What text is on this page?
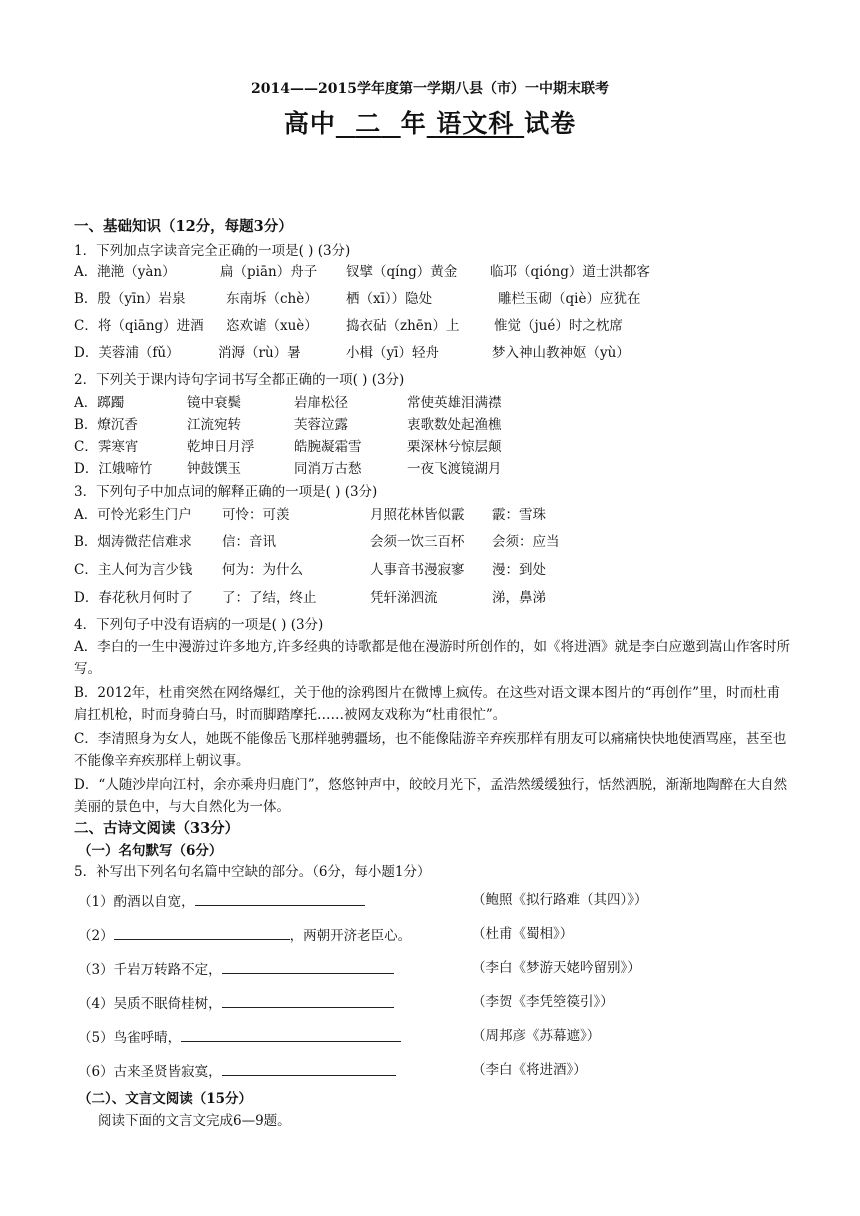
2014——2015学年度第一学期八县（市）一中期末联考
高中 二 年 语文科 试卷
一、基础知识（12分，每题3分）
1．下列加点字读音完全正确的一项是( ) (3分)
A．滟滟（yàn）	扁（piān）舟子 钗擘（qíng）黄金 临邛（qióng）道士洪都客
B．殷（yīn）岩泉	东南坼（chè） 栖（xī））隐处	雕栏玉砌（qiè）应犹在
C．将（qiāng）进酒 恣欢谑（xuè） 捣衣砧（zhēn）上	惟觉（jué）时之枕席
D．芙蓉浦（fǔ）	消溽（rù）暑	小楫（yī）轻舟	梦入神山教神妪（yù）
2．下列关于课内诗句字词书写全都正确的一项( ) (3分)
A．踯躅	镜中衰鬓	岩扉松径	常使英雄泪满襟
B．燎沉香	江流宛转	芙蓉泣露	衷歌数处起渔樵
C．霁寒宵	乾坤日月浮	皓腕凝霜雪	栗深林兮惊层颠
D．江娥啼竹	钟鼓馔玉	同消万古愁	一夜飞渡镜湖月
3．下列句子中加点词的解释正确的一项是( ) (3分)
A．可怜光彩生门户 可怜：可羡	月照花林皆似霰 霰：雪珠
B．烟涛微茫信难求 信：音讯	会须一饮三百杯 会须：应当
C．主人何为言少钱 何为：为什么	人事音书漫寂寥 漫：到处
D．春花秋月何时了 了：了结，终止	凭轩涕泗流	涕，鼻涕
4．下列句子中没有语病的一项是( ) (3分)
A．李白的一生中漫游过许多地方,许多经典的诗歌都是他在漫游时所创作的，如《将进酒》就是李白应邀到嵩山作客时所写。
B．2012年，杜甫突然在网络爆红，关于他的涂鸦图片在微博上疯传。在这些对语文课本图片的“再创作”里，时而杜甫肩扛机枪，时而身骑白马，时而脚踏摩托……被网友戏称为“杜甫很忙”。
C．李清照身为女人，她既不能像岳飞那样驰骋疆场，也不能像陆游辛弃疾那样有朋友可以痛痛快快地使酒骂座，甚至也不能像辛弃疾那样上朝议事。
D．“人随沙岸向江村，余亦乘舟归鹿门”，悠悠钟声中，皎皎月光下，孟浩然缓缓独行，恬然洒脱，渐渐地陶醉在大自然美丽的景色中，与大自然化为一体。
二、古诗文阅读（33分）
（一）名句默写（6分）
5．补写出下列名句名篇中空缺的部分。（6分，每小题1分）
（1）酌酒以自宽，	（鲍照《拟行路难（其四）》）
（2）	，两朝开济老臣心。	（杜甫《蜀相》）
（3）千岩万转路不定，	（李白《梦游天姥吟留别》）
（4）吴质不眠倚桂树，	（李贺《李凭箜篌引》）
（5）鸟雀呼晴，	（周邦彦《苏幕遮》）
（6）古来圣贤皆寂寞，	（李白《将进酒》）
（二）、文言文阅读（15分）
阅读下面的文言文完成6—9题。
